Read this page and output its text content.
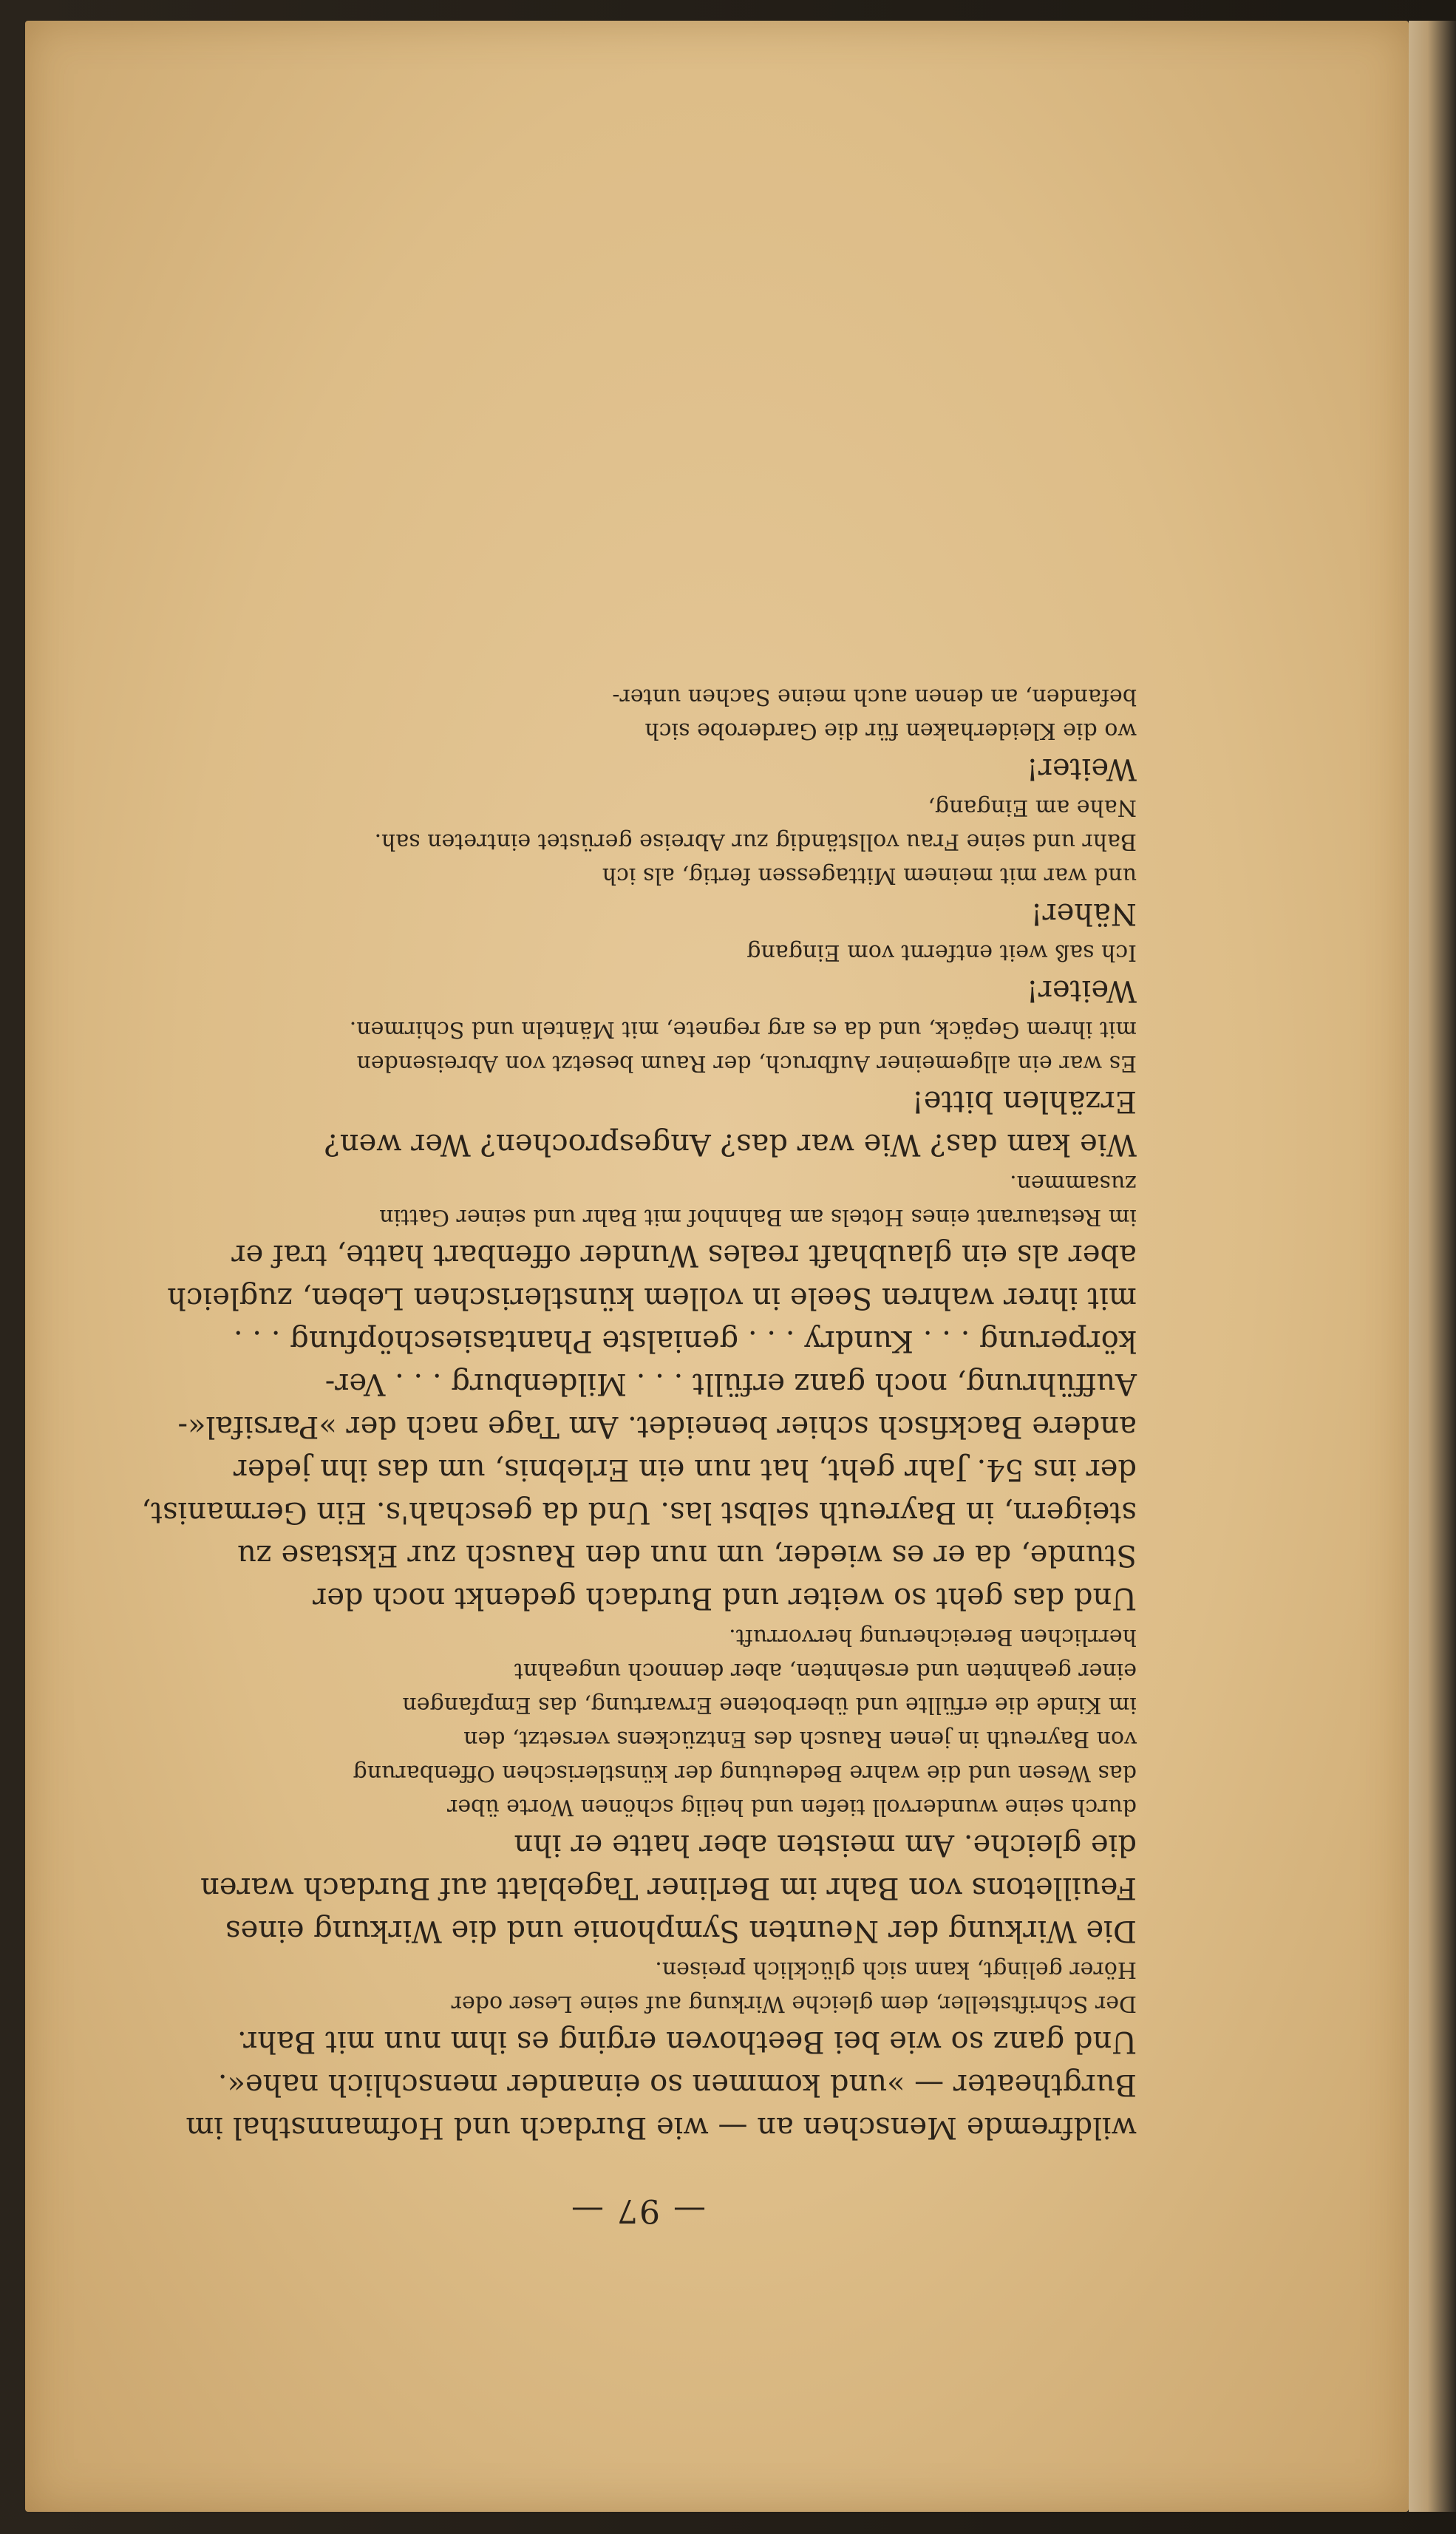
— 97 —
wildfremde Menschen an — wie Burdach und Hofmannsthal im
Burgtheater — »und kommen so einander menschlich nahe«.
Und ganz so wie bei Beethoven erging es ihm nun mit Bahr.
Der Schriftsteller, dem gleiche Wirkung auf seine Leser oder
Hörer gelingt, kann sich glücklich preisen.
Die Wirkung der Neunten Symphonie und die Wirkung eines
Feuilletons von Bahr im Berliner Tageblatt auf Burdach waren
die gleiche. Am meisten aber hatte er ihn
durch seine wundervoll tiefen und heilig schönen Worte über
das Wesen und die wahre Bedeutung der künstlerischen Offenbarung
von Bayreuth in jenen Rausch des Entzückens versetzt, den
im Kinde die erfüllte und überbotene Erwartung, das Empfangen
einer geahnten und ersehnten, aber dennoch ungeahnt
herrlichen Bereicherung hervorruft.
Und das geht so weiter und Burdach gedenkt noch der
Stunde, da er es wieder, um nun den Rausch zur Ekstase zu
steigern, in Bayreuth selbst las. Und da geschah's. Ein Germanist,
der ins 54. Jahr geht, hat nun ein Erlebnis, um das ihn jeder
andere Backfisch schier beneidet. Am Tage nach der »Parsifal«-
Aufführung, noch ganz erfüllt . . . Mildenburg . . . Ver-
körperung . . . Kundry . . . genialste Phantasieschöpfung . . .
mit ihrer wahren Seele in vollem künstlerischen Leben, zugleich
aber als ein glaubhaft reales Wunder offenbart hatte, traf er
im Restaurant eines Hotels am Bahnhof mit Bahr und seiner Gattin
zusammen.
Wie kam das? Wie war das? Angesprochen? Wer wen?
Erzählen bitte!
Es war ein allgemeiner Aufbruch, der Raum besetzt von Abreisenden
mit ihrem Gepäck, und da es arg regnete, mit Mänteln und Schirmen.
Weiter!
Ich saß weit entfernt vom Eingang
Näher!
und war mit meinem Mittagessen fertig, als ich
Bahr und seine Frau vollständig zur Abreise gerüstet eintreten sah.
Nahe am Eingang,
Weiter!
wo die Kleiderhaken für die Garderobe sich
befanden, an denen auch meine Sachen unter-
